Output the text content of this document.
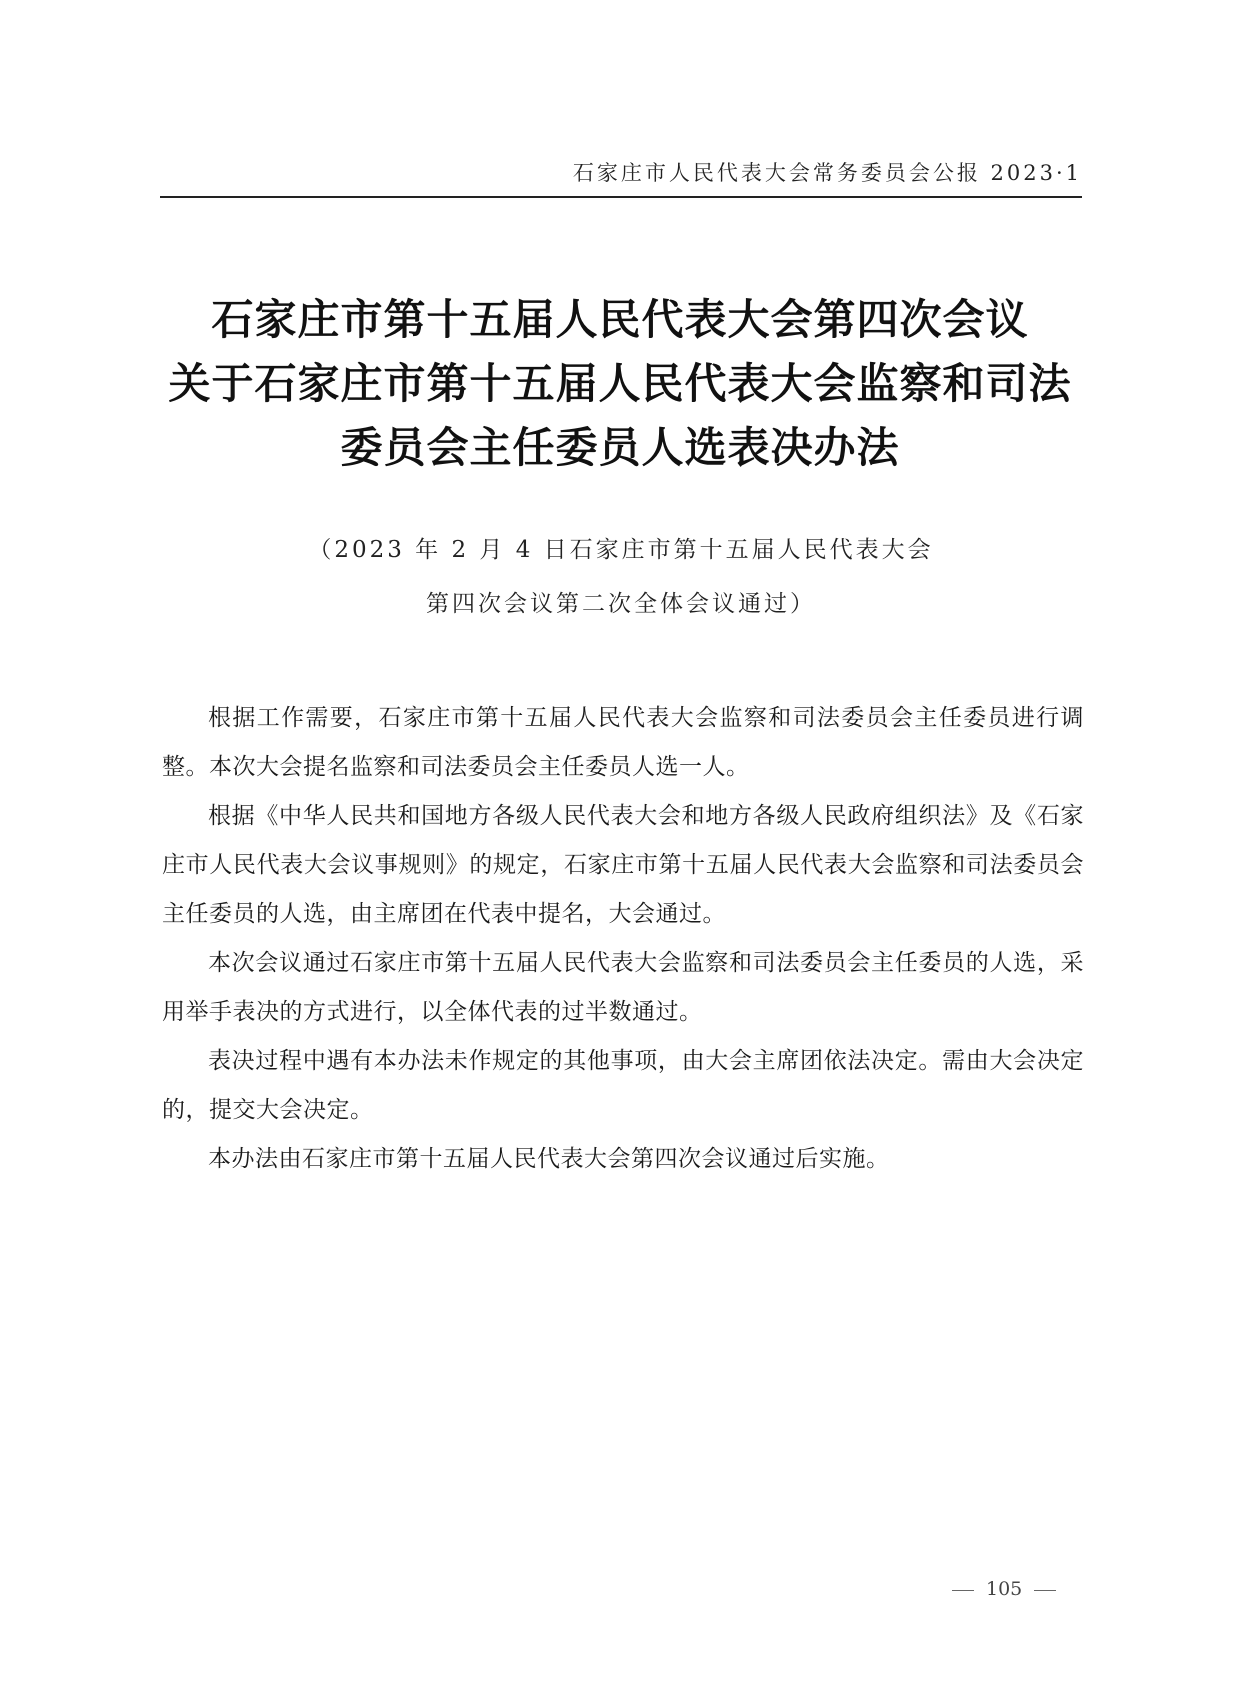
石家庄市人民代表大会常务委员会公报 2023·1
石家庄市第十五届人民代表大会第四次会议
关于石家庄市第十五届人民代表大会监察和司法
委员会主任委员人选表决办法
（2023 年 2 月 4 日石家庄市第十五届人民代表大会
第四次会议第二次全体会议通过）

根据工作需要，石家庄市第十五届人民代表大会监察和司法委员会主任委员进行调整。本次大会提名监察和司法委员会主任委员人选一人。

根据《中华人民共和国地方各级人民代表大会和地方各级人民政府组织法》及《石家庄市人民代表大会议事规则》的规定，石家庄市第十五届人民代表大会监察和司法委员会主任委员的人选，由主席团在代表中提名，大会通过。

本次会议通过石家庄市第十五届人民代表大会监察和司法委员会主任委员的人选，采用举手表决的方式进行，以全体代表的过半数通过。

表决过程中遇有本办法未作规定的其他事项，由大会主席团依法决定。需由大会决定的，提交大会决定。

本办法由石家庄市第十五届人民代表大会第四次会议通过后实施。

105
